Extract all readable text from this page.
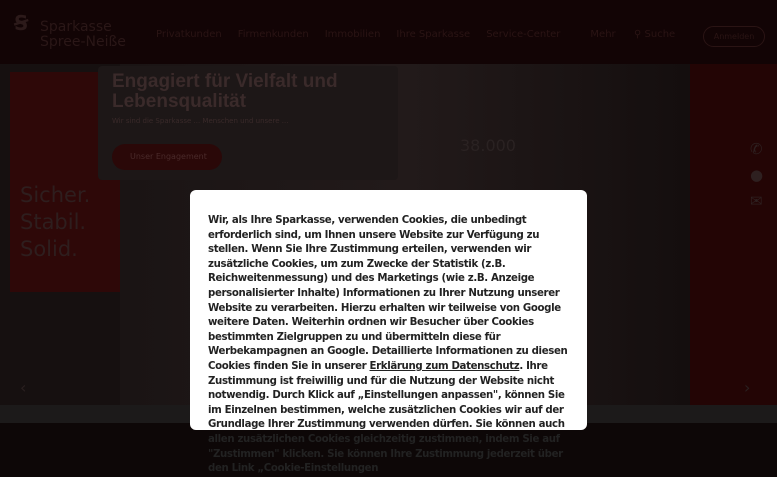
Ꞩ Sparkasse
Spree-Neiße	Privatkunden Firmenkunden Immobilien Ihre Sparkasse Service-Center	Mehr ⚲ Suche	Anmelden
38.000
Sicher.
Stabil.
Solid.
Engagiert für Vielfalt und Lebensqualität

Wir sind die Sparkasse ... Menschen und unsere ...

Unser Engagement	✆
●
✉
‹	›

Wir, als Ihre Sparkasse, verwenden Cookies, die unbedingt erforderlich sind, um Ihnen unsere Website zur Verfügung zu stellen. Wenn Sie Ihre Zustimmung erteilen, verwenden wir zusätzliche Cookies, um zum Zwecke der Statistik (z.B. Reichweitenmessung) und des Marketings (wie z.B. Anzeige personalisierter Inhalte) Informationen zu Ihrer Nutzung unserer Website zu verarbeiten. Hierzu erhalten wir teilweise von Google weitere Daten. Weiterhin ordnen wir Besucher über Cookies bestimmten Zielgruppen zu und übermitteln diese für Werbekampagnen an Google. Detaillierte Informationen zu diesen Cookies finden Sie in unserer Erklärung zum Datenschutz. Ihre Zustimmung ist freiwillig und für die Nutzung der Website nicht notwendig. Durch Klick auf „Einstellungen anpassen", können Sie im Einzelnen bestimmen, welche zusätzlichen Cookies wir auf der Grundlage Ihrer Zustimmung verwenden dürfen. Sie können auch allen zusätzlichen Cookies gleichzeitig zustimmen, indem Sie auf "Zustimmen" klicken. Sie können Ihre Zustimmung jederzeit über den Link „Cookie-Einstellungen
